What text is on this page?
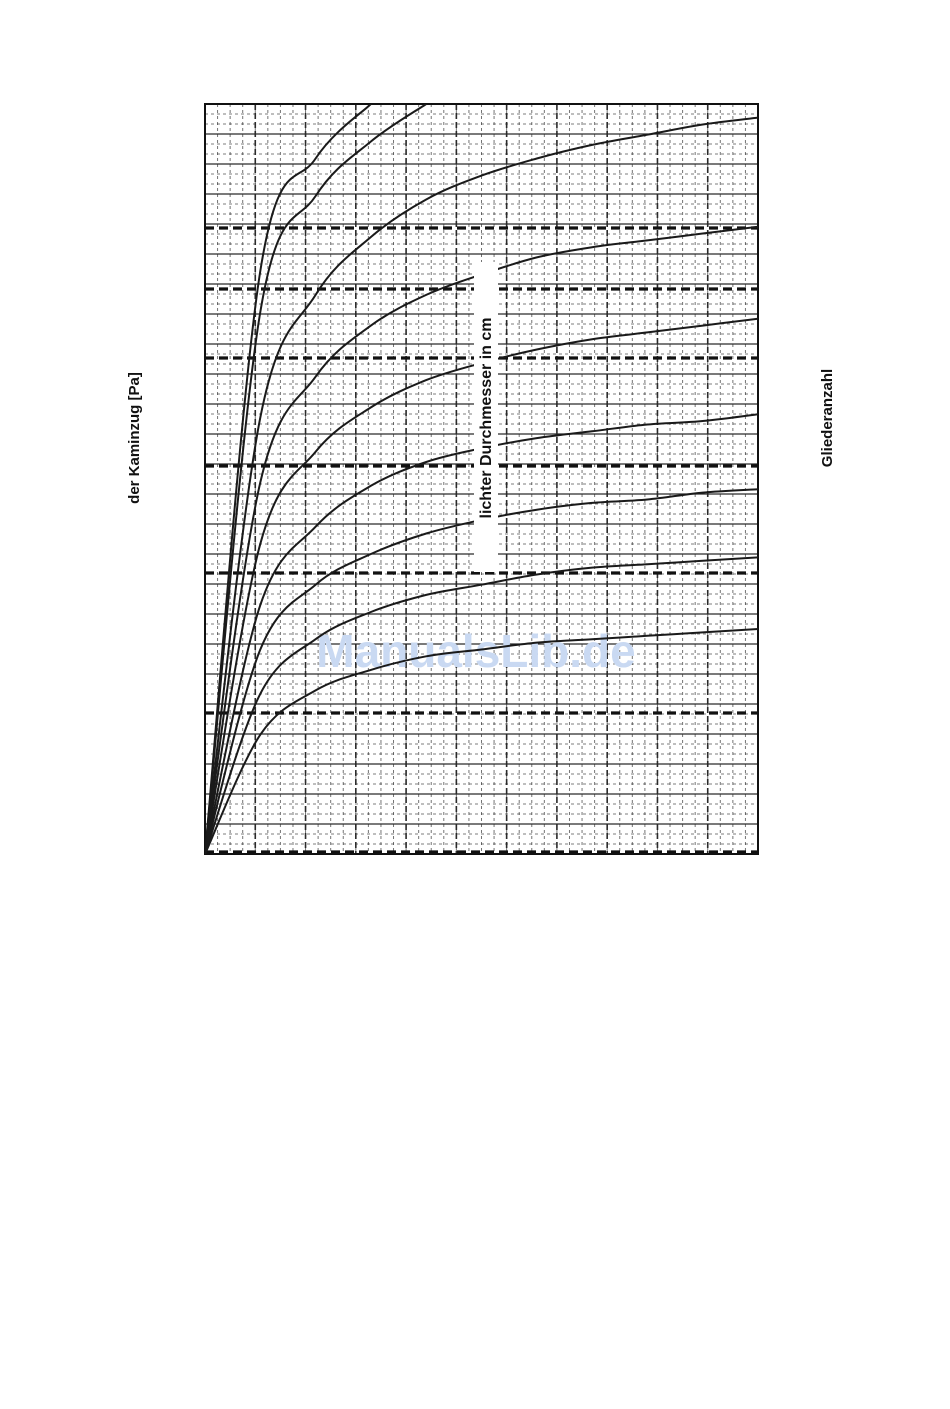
ManualsLib.de
lichter Durchmesser in cm
der Kaminzug [Pa]	Gliederanzahl
